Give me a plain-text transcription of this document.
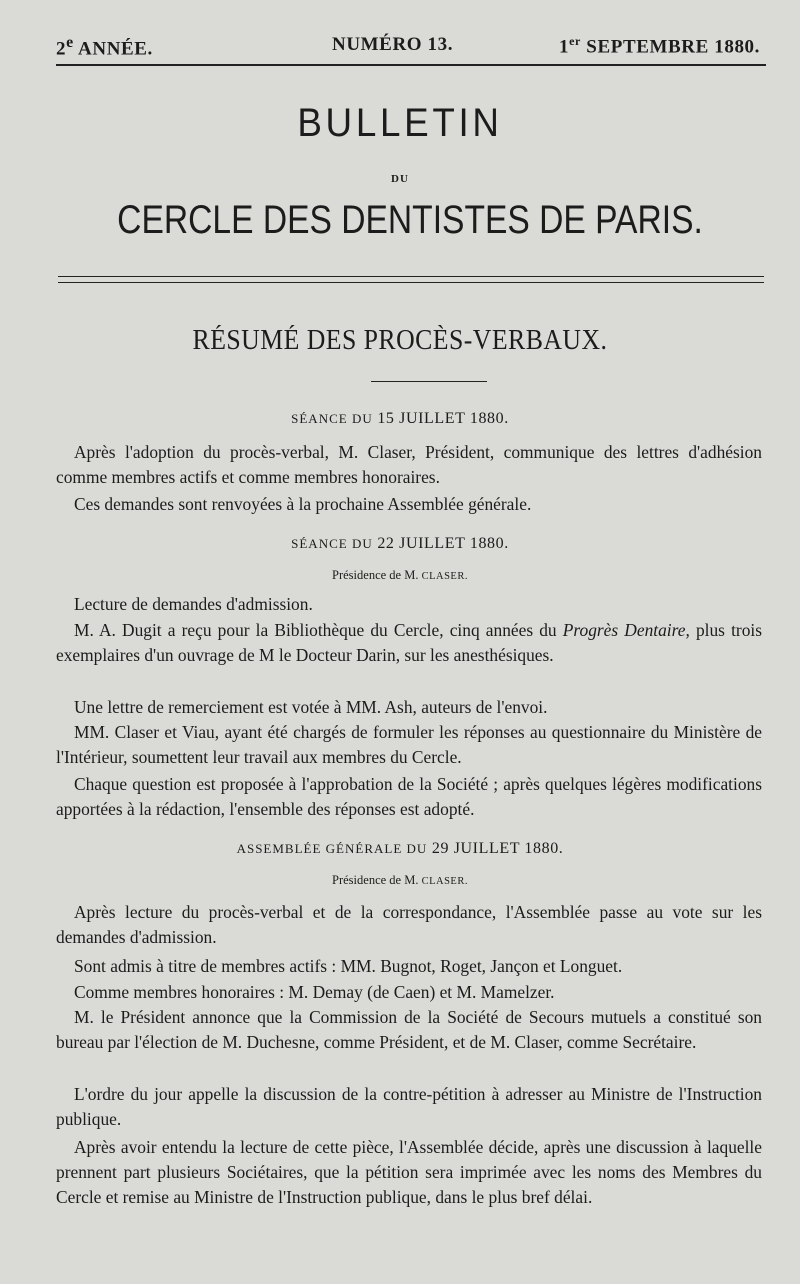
2e ANNÉE.	NUMÉRO 13.	1er SEPTEMBRE 1880.
BULLETIN
DU
CERCLE DES DENTISTES DE PARIS.
RÉSUMÉ DES PROCÈS-VERBAUX.
SÉANCE DU 15 JUILLET 1880.
Après l'adoption du procès-verbal, M. Claser, Président, communique des lettres d'adhésion comme membres actifs et comme membres honoraires.
Ces demandes sont renvoyées à la prochaine Assemblée générale.
SÉANCE DU 22 JUILLET 1880.
Présidence de M. CLASER.
Lecture de demandes d'admission.
M. A. Dugit a reçu pour la Bibliothèque du Cercle, cinq années du Progrès Dentaire, plus trois exemplaires d'un ouvrage de M le Docteur Darin, sur les anesthésiques.
Une lettre de remerciement est votée à MM. Ash, auteurs de l'envoi.
MM. Claser et Viau, ayant été chargés de formuler les réponses au questionnaire du Ministère de l'Intérieur, soumettent leur travail aux membres du Cercle.
Chaque question est proposée à l'approbation de la Société ; après quelques légères modifications apportées à la rédaction, l'ensemble des réponses est adopté.
ASSEMBLÉE GÉNÉRALE DU 29 JUILLET 1880.
Présidence de M. CLASER.
Après lecture du procès-verbal et de la correspondance, l'Assemblée passe au vote sur les demandes d'admission.
Sont admis à titre de membres actifs : MM. Bugnot, Roget, Jançon et Longuet.
Comme membres honoraires : M. Demay (de Caen) et M. Mamelzer.
M. le Président annonce que la Commission de la Société de Secours mutuels a constitué son bureau par l'élection de M. Duchesne, comme Président, et de M. Claser, comme Secrétaire.
L'ordre du jour appelle la discussion de la contre-pétition à adresser au Ministre de l'Instruction publique.
Après avoir entendu la lecture de cette pièce, l'Assemblée décide, après une discussion à laquelle prennent part plusieurs Sociétaires, que la pétition sera imprimée avec les noms des Membres du Cercle et remise au Ministre de l'Instruction publique, dans le plus bref délai.
